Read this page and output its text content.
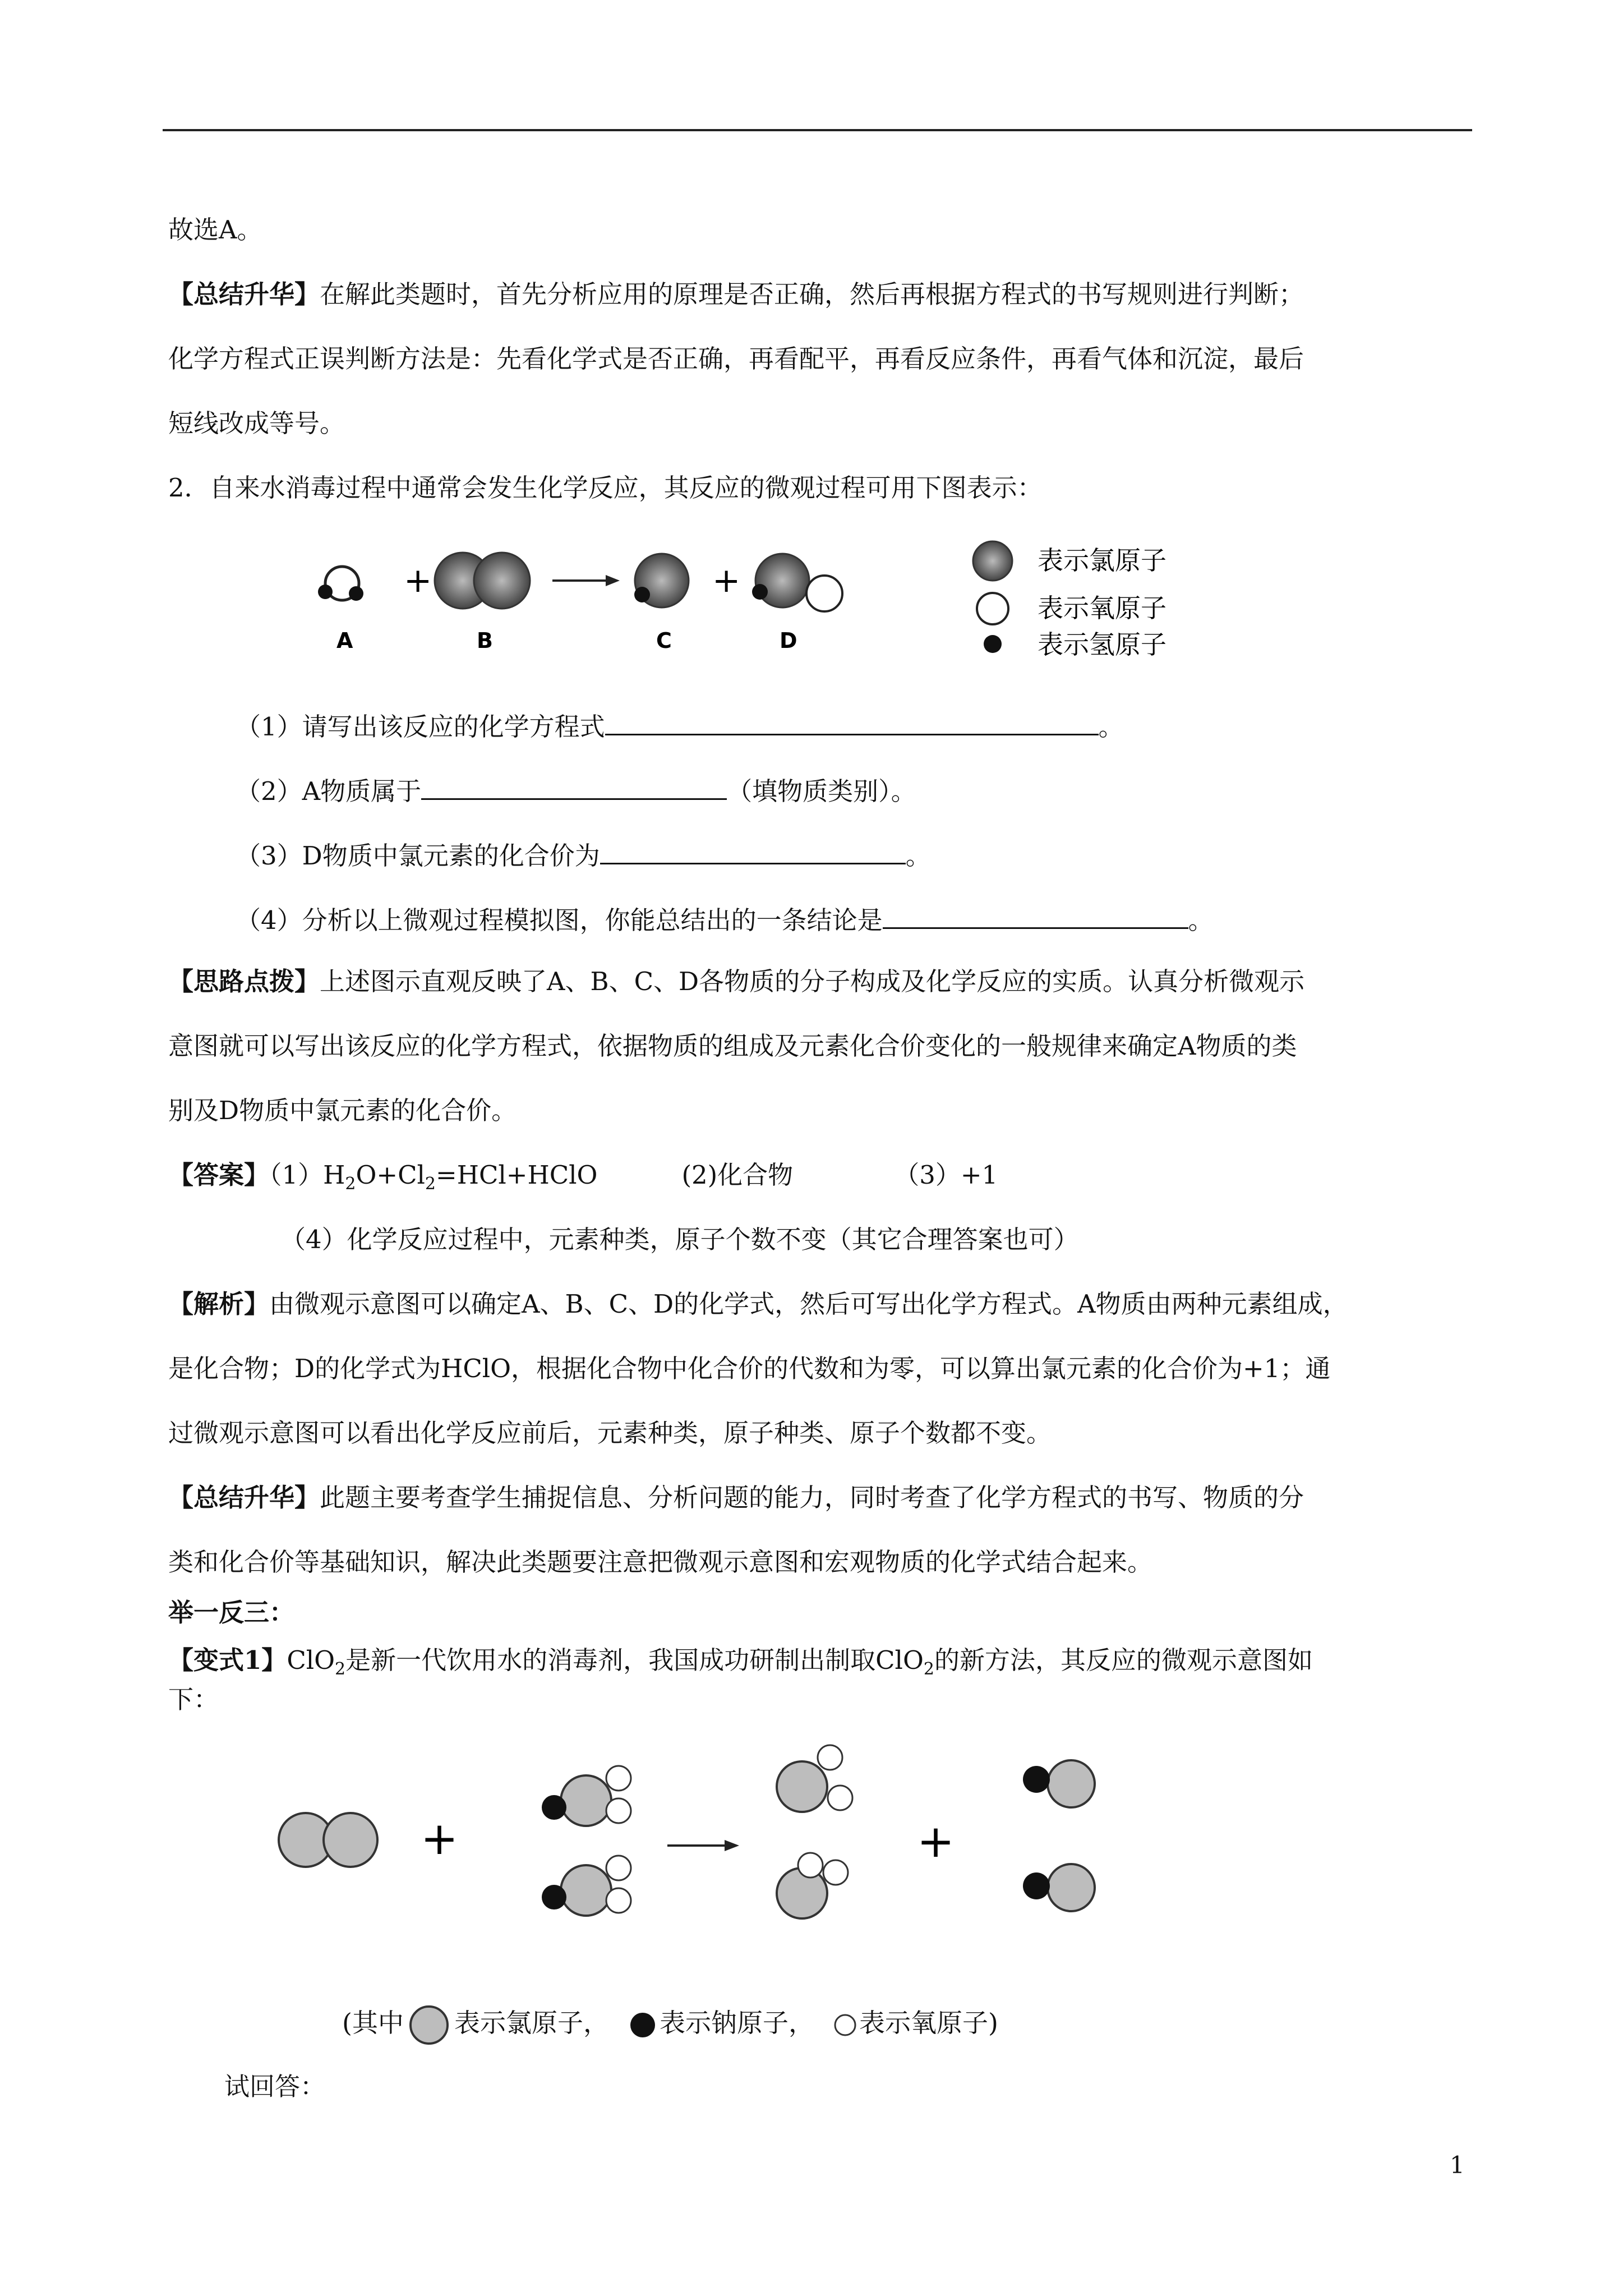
故选A。
【总结升华】在解此类题时，首先分析应用的原理是否正确，然后再根据方程式的书写规则进行判断；
化学方程式正误判断方法是：先看化学式是否正确，再看配平，再看反应条件，再看气体和沉淀，最后
短线改成等号。
2．自来水消毒过程中通常会发生化学反应，其反应的微观过程可用下图表示：
+	+
A	B	C	D
表示氯原子
表示氧原子
表示氢原子
（1）请写出该反应的化学方程式	。
（2）A物质属于	（填物质类别）。
（3）D物质中氯元素的化合价为	。
（4）分析以上微观过程模拟图，你能总结出的一条结论是	。
【思路点拨】上述图示直观反映了A、B、C、D各物质的分子构成及化学反应的实质。认真分析微观示
意图就可以写出该反应的化学方程式，依据物质的组成及元素化合价变化的一般规律来确定A物质的类
别及D物质中氯元素的化合价。
【答案】$(1)H_2O+Cl_2=HCl+HClO$	(2)化合物	（3）+1
（4）化学反应过程中，元素种类，原子个数不变（其它合理答案也可）
【解析】由微观示意图可以确定A、B、C、D的化学式，然后可写出化学方程式。A物质由两种元素组成，
是化合物；D的化学式为HClO，根据化合物中化合价的代数和为零，可以算出氯元素的化合价为+1；通
过微观示意图可以看出化学反应前后，元素种类，原子种类、原子个数都不变。
【总结升华】此题主要考查学生捕捉信息、分析问题的能力，同时考查了化学方程式的书写、物质的分
类和化合价等基础知识，解决此类题要注意把微观示意图和宏观物质的化学式结合起来。
举一反三：
【变式1】ClO$_2$是新一代饮用水的消毒剂，我国成功研制出制取ClO$_2$的新方法，其反应的微观示意图如
下：
+	+
(其中 表示氯原子， 表示钠原子， 表示氧原子)
试回答：
1
